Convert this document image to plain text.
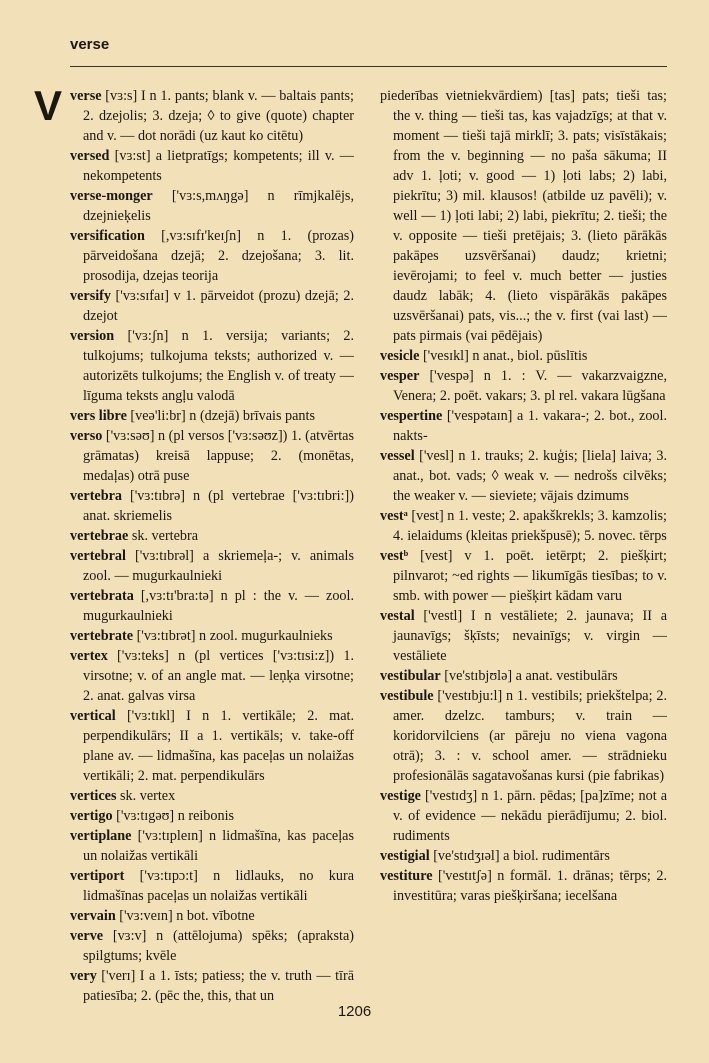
verse
V verse [vɜ:s] I n 1. pants; blank v. — baltais pants; 2. dzejolis; 3. dzeja; ◊ to give (quote) chapter and v. — dot norādi (uz kaut ko citētu)

versed [vɜ:st] a lietpratīgs; kompetents; ill v. — nekompetents

verse-monger ['vɜ:s,mʌŋgə] n rīmjkalējs, dzejnieķelis

versification [,vɜ:sɪfɪ'keɪʃn] n 1. (prozas) pārveidošana dzejā; 2. dzejošana; 3. lit. prosodija, dzejas teorija

versify ['vɜ:sɪfaɪ] v 1. pārveidot (prozu) dzejā; 2. dzejot

version ['vɜ:ʃn] n 1. versija; variants; 2. tulkojums; tulkojuma teksts; authorized v. — autorizēts tulkojums; the English v. of treaty — līguma teksts angļu valodā

vers libre [veə'li:br] n (dzejā) brīvais pants

verso ['vɜ:səʊ] n (pl versos ['vɜ:səʊz]) 1. (atvērtas grāmatas) kreisā lappuse; 2. (monētas, medaļas) otrā puse

vertebra ['vɜ:tɪbrə] n (pl vertebrae ['vɜ:tɪbri:]) anat. skriemelis

vertebrae sk. vertebra

vertebral ['vɜ:tɪbrəl] a skriemeļa-; v. animals zool. — mugurkaulnieki

vertebrata [,vɜ:tɪ'bra:tə] n pl : the v. — zool. mugurkaulnieki

vertebrate ['vɜ:tɪbrət] n zool. mugurkaulnieks

vertex ['vɜ:teks] n (pl vertices ['vɜ:tɪsi:z]) 1. virsotne; v. of an angle mat. — leņķa virsotne; 2. anat. galvas virsa

vertical ['vɜ:tɪkl] I n 1. vertikāle; 2. mat. perpendikulārs; II a 1. vertikāls; v. take-off plane av. — lidmašīna, kas paceļas un nolaižas vertikāli; 2. mat. perpendikulārs

vertices sk. vertex

vertigo ['vɜ:tɪgəʊ] n reibonis

vertiplane ['vɜ:tɪpleɪn] n lidmašīna, kas paceļas un nolaižas vertikāli

vertiport ['vɜ:tɪpɔ:t] n lidlauks, no kura lidmašīnas paceļas un nolaižas vertikāli

vervain ['vɜ:veɪn] n bot. vībotne

verve [vɜ:v] n (attēlojuma) spēks; (apraksta) spilgtums; kvēle

very ['verɪ] I a 1. īsts; patiess; the v. truth — tīrā patiesība; 2. (pēc the, this, that un

piederības vietniekvārdiem) [tas] pats; tieši tas; the v. thing — tieši tas, kas vajadzīgs; at that v. moment — tieši tajā mirklī; 3. pats; visīstākais; from the v. beginning — no paša sākuma; II adv 1. ļoti; v. good — 1) ļoti labs; 2) labi, piekrītu; 3) mil. klausos! (atbilde uz pavēli); v. well — 1) ļoti labi; 2) labi, piekrītu; 2. tieši; the v. opposite — tieši pretējais; 3. (lieto pārākās pakāpes uzsvēršanai) daudz; krietni; ievērojami; to feel v. much better — justies daudz labāk; 4. (lieto vispārākās pakāpes uzsvēršanai) pats, vis...; the v. first (vai last) — pats pirmais (vai pēdējais)

vesicle ['vesɪkl] n anat., biol. pūslītis

vesper ['vespə] n 1. : V. — vakarzvaigzne, Venera; 2. poēt. vakars; 3. pl rel. vakara lūgšana

vespertine ['vespətaɪn] a 1. vakara-; 2. bot., zool. nakts-

vessel ['vesl] n 1. trauks; 2. kuģis; [liela] laiva; 3. anat., bot. vads; ◊ weak v. — nedrošs cilvēks; the weaker v. — sieviete; vājais dzimums

vestᵃ [vest] n 1. veste; 2. apakškrekls; 3. kamzolis; 4. ielaidums (kleitas priekšpusē); 5. novec. tērps

vestᵇ [vest] v 1. poēt. ietērpt; 2. piešķirt; pilnvarot; ~ed rights — likumīgās tiesības; to v. smb. with power — piešķirt kādam varu

vestal ['vestl] I n vestāliete; 2. jaunava; II a jaunavīgs; šķīsts; nevainīgs; v. virgin — vestāliete

vestibular [ve'stɪbjʊlə] a anat. vestibulārs

vestibule ['vestɪbju:l] n 1. vestibils; priekštelpa; 2. amer. dzelzc. tamburs; v. train — koridorvilciens (ar pāreju no viena vagona otrā); 3. : v. school amer. — strādnieku profesionālās sagatavošanas kursi (pie fabrikas)

vestige ['vestɪdʒ] n 1. pārn. pēdas; [pa]zīme; not a v. of evidence — nekādu pierādījumu; 2. biol. rudiments

vestigial [ve'stɪdʒɪəl] a biol. rudimentārs

vestiture ['vestɪtʃə] n formāl. 1. drānas; tērps; 2. investitūra; varas piešķiršana; iecelšana

1206
